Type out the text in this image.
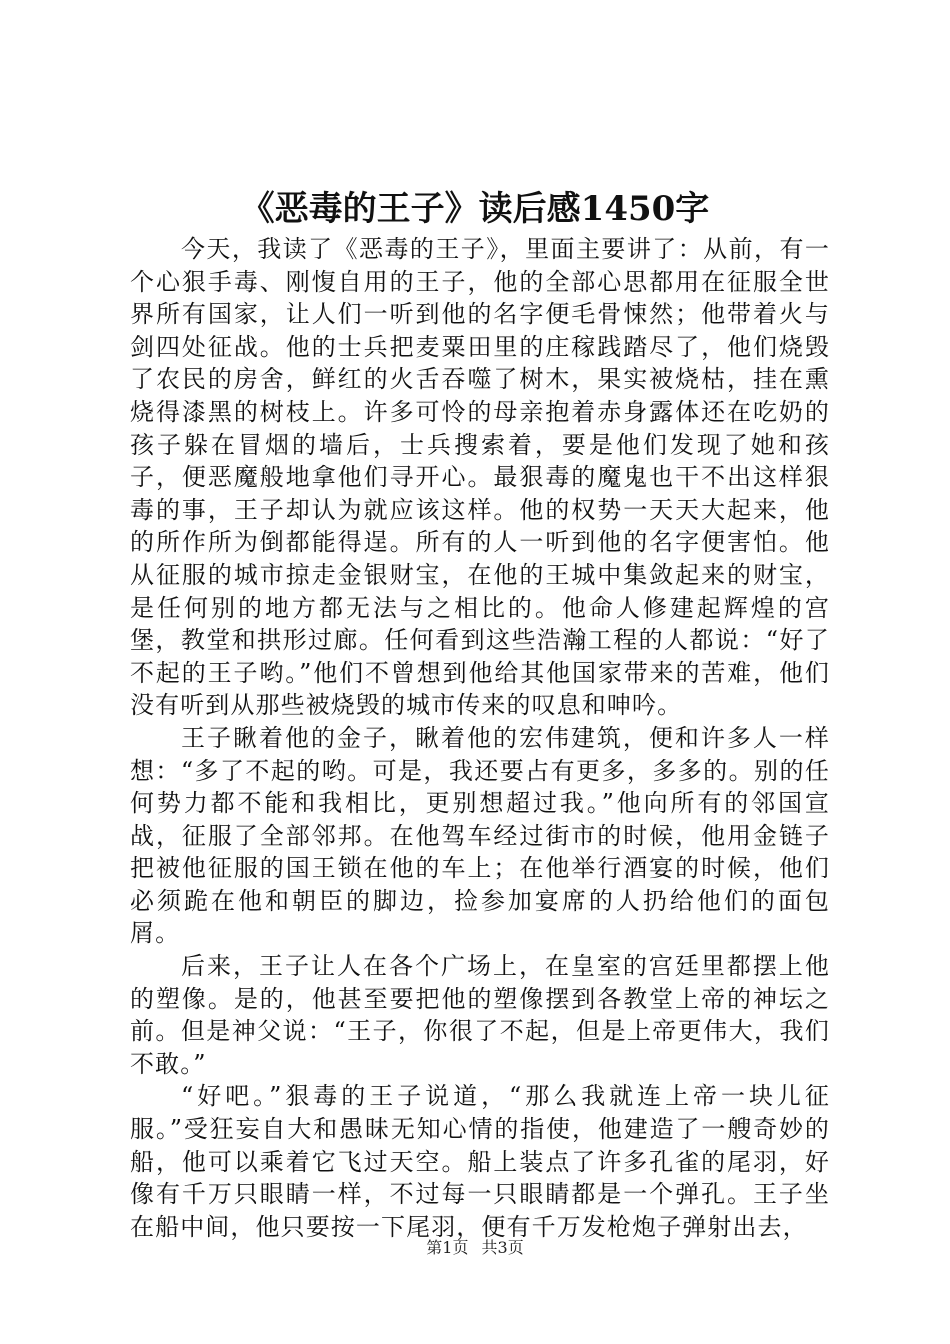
《恶毒的王子》读后感1450字

今天，我读了《恶毒的王子》，里面主要讲了：从前，有一个心狠手毒、刚愎自用的王子，他的全部心思都用在征服全世界所有国家，让人们一听到他的名字便毛骨悚然；他带着火与剑四处征战。他的士兵把麦粟田里的庄稼践踏尽了，他们烧毁了农民的房舍，鲜红的火舌吞噬了树木，果实被烧枯，挂在熏烧得漆黑的树枝上。许多可怜的母亲抱着赤身露体还在吃奶的孩子躲在冒烟的墙后，士兵搜索着，要是他们发现了她和孩子，便恶魔般地拿他们寻开心。最狠毒的魔鬼也干不出这样狠毒的事，王子却认为就应该这样。他的权势一天天大起来，他的所作所为倒都能得逞。所有的人一听到他的名字便害怕。他从征服的城市掠走金银财宝，在他的王城中集敛起来的财宝，是任何别的地方都无法与之相比的。他命人修建起辉煌的宫堡，教堂和拱形过廊。任何看到这些浩瀚工程的人都说：“好了不起的王子哟。”他们不曾想到他给其他国家带来的苦难，他们没有听到从那些被烧毁的城市传来的叹息和呻吟。

王子瞅着他的金子，瞅着他的宏伟建筑，便和许多人一样想：“多了不起的哟。可是，我还要占有更多，多多的。别的任何势力都不能和我相比，更别想超过我。”他向所有的邻国宣战，征服了全部邻邦。在他驾车经过街市的时候，他用金链子把被他征服的国王锁在他的车上；在他举行酒宴的时候，他们必须跪在他和朝臣的脚边，捡参加宴席的人扔给他们的面包屑。

后来，王子让人在各个广场上，在皇室的宫廷里都摆上他的塑像。是的，他甚至要把他的塑像摆到各教堂上帝的神坛之前。但是神父说：“王子，你很了不起，但是上帝更伟大，我们不敢。”

“好吧。”狠毒的王子说道，“那么我就连上帝一块儿征服。”受狂妄自大和愚昧无知心情的指使，他建造了一艘奇妙的船，他可以乘着它飞过天空。船上装点了许多孔雀的尾羽，好像有千万只眼睛一样，不过每一只眼睛都是一个弹孔。王子坐在船中间，他只要按一下尾羽，便有千万发枪炮子弹射出去，

第1页 共3页
